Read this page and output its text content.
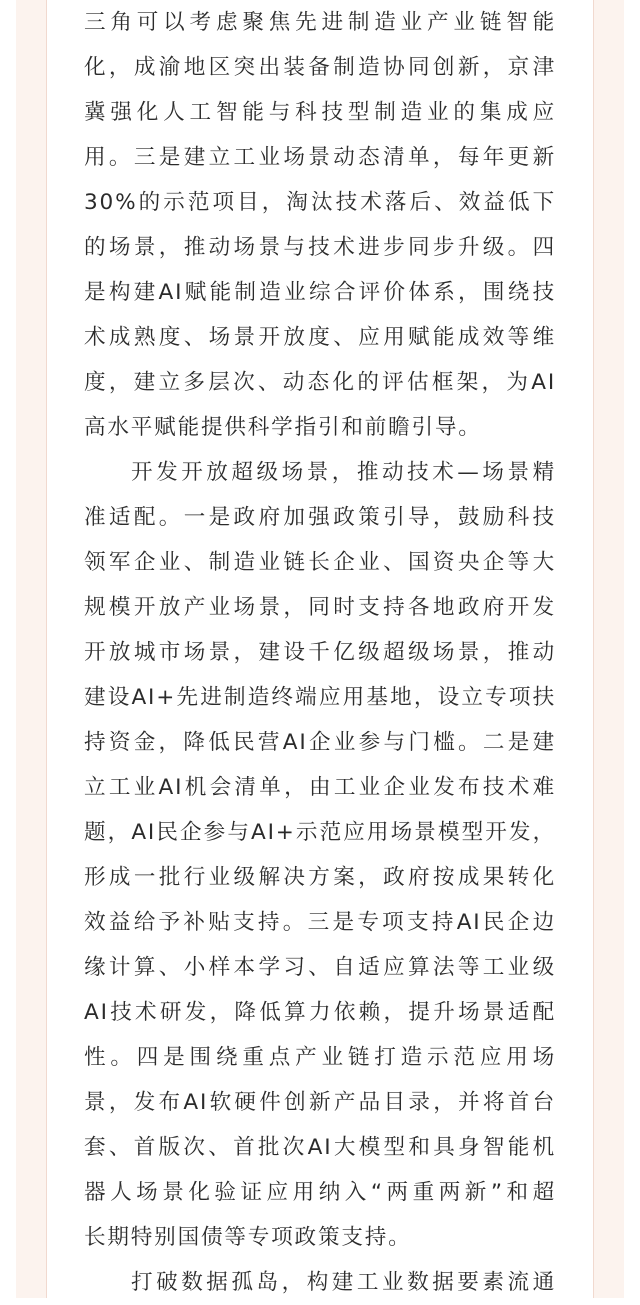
三角可以考虑聚焦先进制造业产业链智能
化，成渝地区突出装备制造协同创新，京津
冀强化人工智能与科技型制造业的集成应
用。三是建立工业场景动态清单，每年更新
30%的示范项目，淘汰技术落后、效益低下
的场景，推动场景与技术进步同步升级。四
是构建AI赋能制造业综合评价体系，围绕技
术成熟度、场景开放度、应用赋能成效等维
度，建立多层次、动态化的评估框架，为AI
高水平赋能提供科学指引和前瞻引导。
开发开放超级场景，推动技术—场景精
准适配。一是政府加强政策引导，鼓励科技
领军企业、制造业链长企业、国资央企等大
规模开放产业场景，同时支持各地政府开发
开放城市场景，建设千亿级超级场景，推动
建设AI+先进制造终端应用基地，设立专项扶
持资金，降低民营AI企业参与门槛。二是建
立工业AI机会清单，由工业企业发布技术难
题，AI民企参与AI+示范应用场景模型开发，
形成一批行业级解决方案，政府按成果转化
效益给予补贴支持。三是专项支持AI民企边
缘计算、小样本学习、自适应算法等工业级
AI技术研发，降低算力依赖，提升场景适配
性。四是围绕重点产业链打造示范应用场
景，发布AI软硬件创新产品目录，并将首台
套、首版次、首批次AI大模型和具身智能机
器人场景化验证应用纳入“两重两新”和超
长期特别国债等专项政策支持。
打破数据孤岛，构建工业数据要素流通
